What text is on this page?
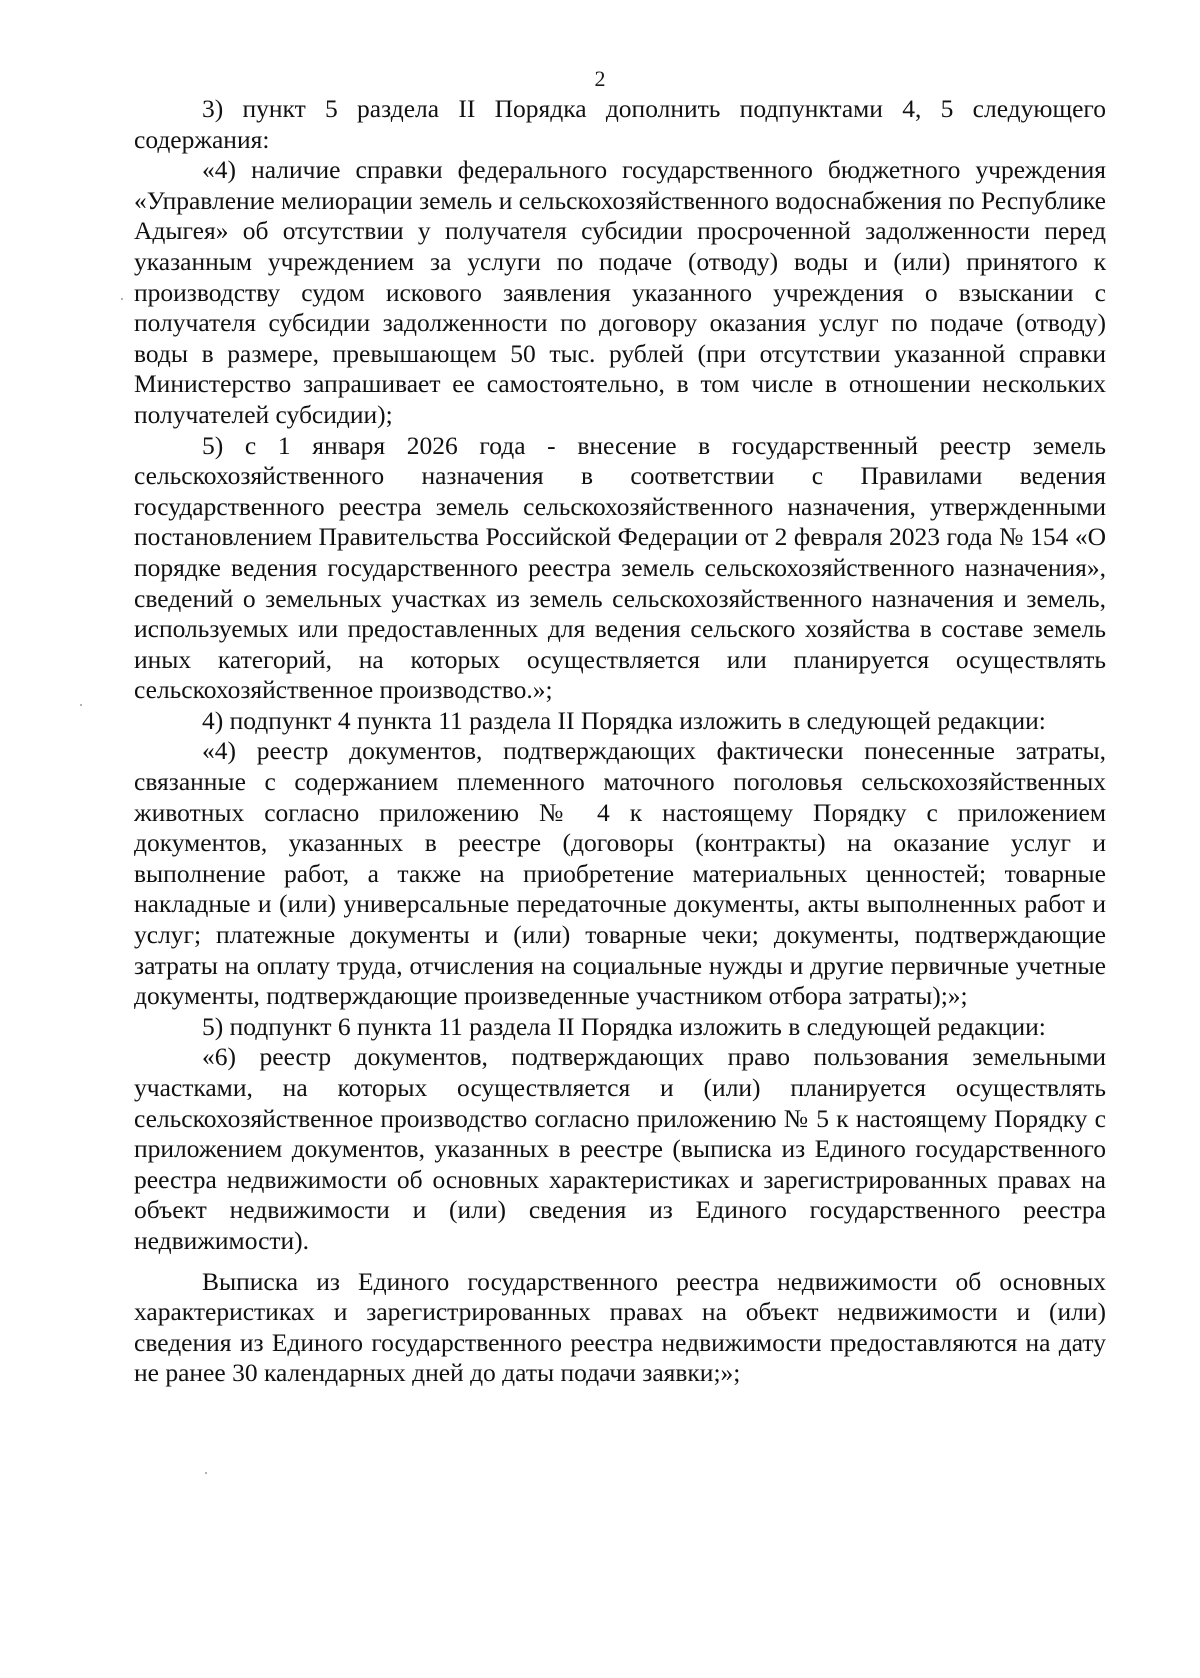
2

3) пункт 5 раздела II Порядка дополнить подпунктами 4, 5 следующего содержания:

«4) наличие справки федерального государственного бюджетного учреждения «Управление мелиорации земель и сельскохозяйственного водоснабжения по Республике Адыгея» об отсутствии у получателя субсидии просроченной задолженности перед указанным учреждением за услуги по подаче (отводу) воды и (или) принятого к производству судом искового заявления указанного учреждения о взыскании с получателя субсидии задолженности по договору оказания услуг по подаче (отводу) воды в размере, превышающем 50 тыс. рублей (при отсутствии указанной справки Министерство запрашивает ее самостоятельно, в том числе в отношении нескольких получателей субсидии);

5) с 1 января 2026 года - внесение в государственный реестр земель сельскохозяйственного назначения в соответствии с Правилами ведения государственного реестра земель сельскохозяйственного назначения, утвержденными постановлением Правительства Российской Федерации от 2 февраля 2023 года № 154 «О порядке ведения государственного реестра земель сельскохозяйственного назначения», сведений о земельных участках из земель сельскохозяйственного назначения и земель, используемых или предоставленных для ведения сельского хозяйства в составе земель иных категорий, на которых осуществляется или планируется осуществлять сельскохозяйственное производство.»;

4) подпункт 4 пункта 11 раздела II Порядка изложить в следующей редакции:

«4) реестр документов, подтверждающих фактически понесенные затраты, связанные с содержанием племенного маточного поголовья сельскохозяйственных животных согласно приложению № 4 к настоящему Порядку с приложением документов, указанных в реестре (договоры (контракты) на оказание услуг и выполнение работ, а также на приобретение материальных ценностей; товарные накладные и (или) универсальные передаточные документы, акты выполненных работ и услуг; платежные документы и (или) товарные чеки; документы, подтверждающие затраты на оплату труда, отчисления на социальные нужды и другие первичные учетные документы, подтверждающие произведенные участником отбора затраты);»;

5) подпункт 6 пункта 11 раздела II Порядка изложить в следующей редакции:

«6) реестр документов, подтверждающих право пользования земельными участками, на которых осуществляется и (или) планируется осуществлять сельскохозяйственное производство согласно приложению № 5 к настоящему Порядку с приложением документов, указанных в реестре (выписка из Единого государственного реестра недвижимости об основных характеристиках и зарегистрированных правах на объект недвижимости и (или) сведения из Единого государственного реестра недвижимости).

Выписка из Единого государственного реестра недвижимости об основных характеристиках и зарегистрированных правах на объект недвижимости и (или) сведения из Единого государственного реестра недвижимости предоставляются на дату не ранее 30 календарных дней до даты подачи заявки;»;
